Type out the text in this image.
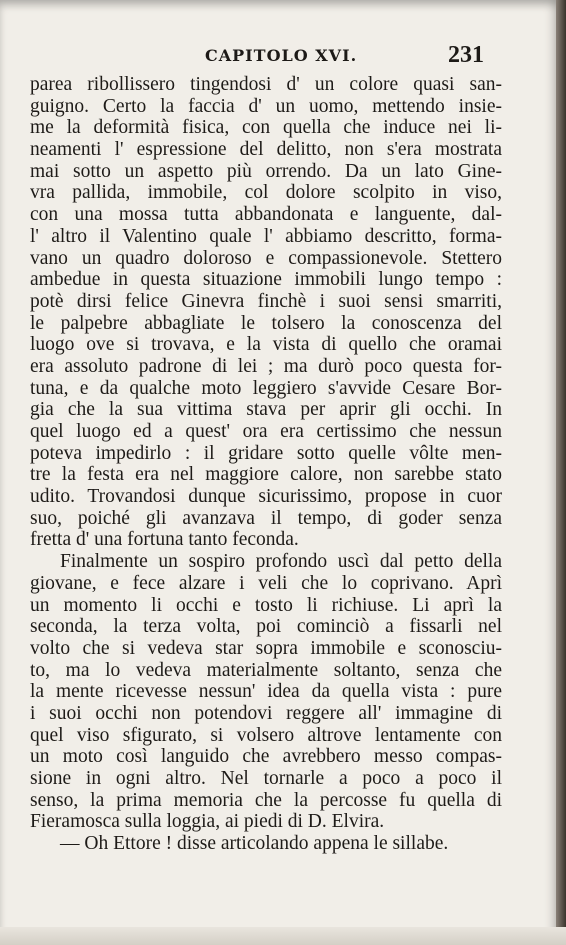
CAPITOLO XVI.	231
parea ribollissero tingendosi d' un colore quasi san-
guigno. Certo la faccia d' un uomo, mettendo insie-
me la deformità fisica, con quella che induce nei li-
neamenti l' espressione del delitto, non s'era mostrata
mai sotto un aspetto più orrendo. Da un lato Gine-
vra pallida, immobile, col dolore scolpito in viso,
con una mossa tutta abbandonata e languente, dal-
l' altro il Valentino quale l' abbiamo descritto, forma-
vano un quadro doloroso e compassionevole. Stettero
ambedue in questa situazione immobili lungo tempo :
potè dirsi felice Ginevra finchè i suoi sensi smarriti,
le palpebre abbagliate le tolsero la conoscenza del
luogo ove si trovava, e la vista di quello che oramai
era assoluto padrone di lei ; ma durò poco questa for-
tuna, e da qualche moto leggiero s'avvide Cesare Bor-
gia che la sua vittima stava per aprir gli occhi. In
quel luogo ed a quest' ora era certissimo che nessun
poteva impedirlo : il gridare sotto quelle vôlte men-
tre la festa era nel maggiore calore, non sarebbe stato
udito. Trovandosi dunque sicurissimo, propose in cuor
suo, poiché gli avanzava il tempo, di goder senza
fretta d' una fortuna tanto feconda.
Finalmente un sospiro profondo uscì dal petto della
giovane, e fece alzare i veli che lo coprivano. Aprì
un momento li occhi e tosto li richiuse. Li aprì la
seconda, la terza volta, poi cominciò a fissarli nel
volto che si vedeva star sopra immobile e sconosciu-
to, ma lo vedeva materialmente soltanto, senza che
la mente ricevesse nessun' idea da quella vista : pure
i suoi occhi non potendovi reggere all' immagine di
quel viso sfigurato, si volsero altrove lentamente con
un moto così languido che avrebbero messo compas-
sione in ogni altro. Nel tornarle a poco a poco il
senso, la prima memoria che la percosse fu quella di
Fieramosca sulla loggia, ai piedi di D. Elvira.
— Oh Ettore ! disse articolando appena le sillabe.
